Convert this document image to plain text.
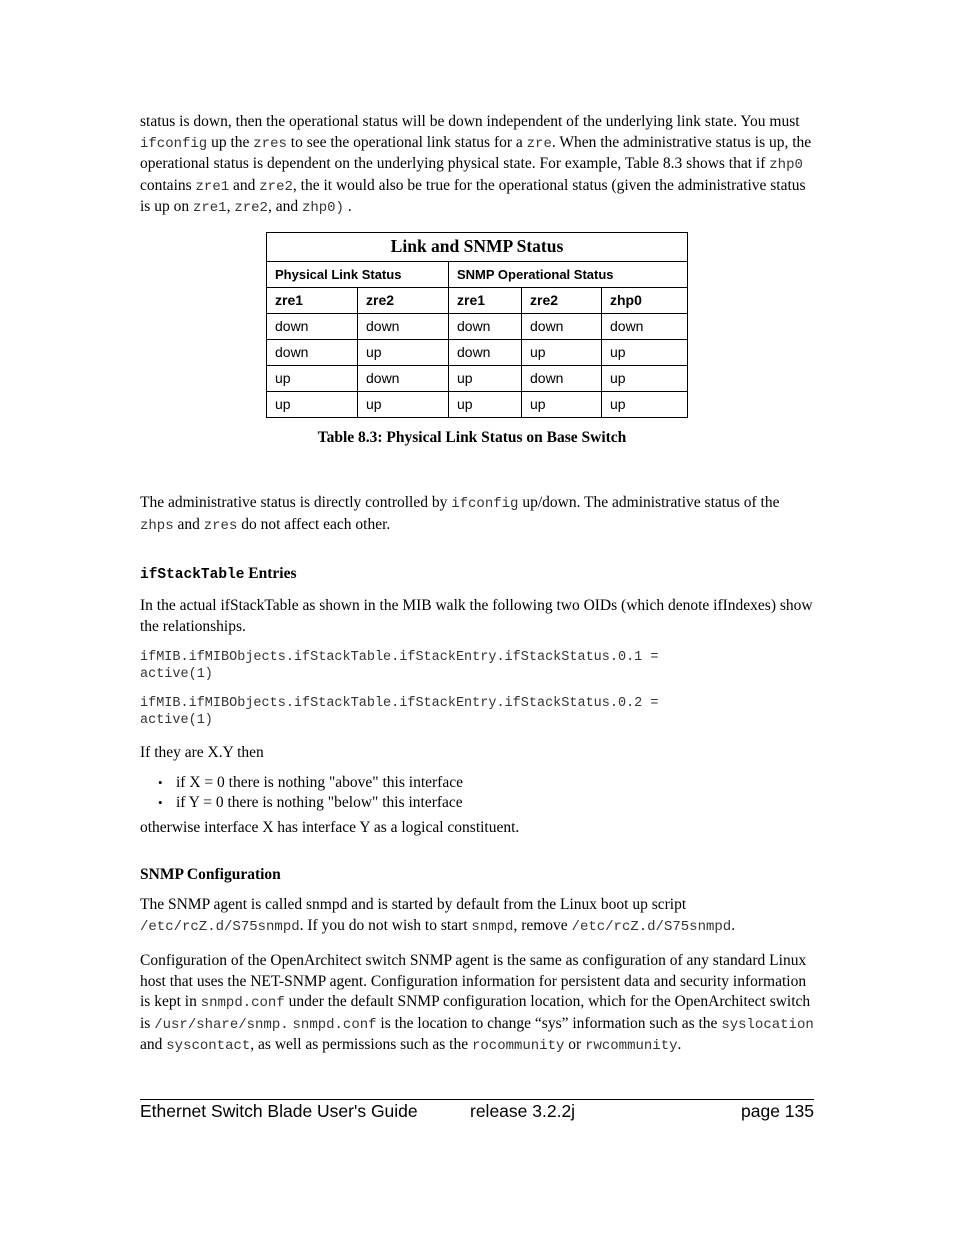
status is down, then the operational status will be down independent of the underlying link state. You must ifconfig up the zres to see the operational link status for a zre. When the administrative status is up, the operational status is dependent on the underlying physical state. For example, Table 8.3 shows that if zhp0 contains zre1 and zre2, the it would also be true for the operational status (given the administrative status is up on zre1, zre2, and zhp0) .

Link and SNMP Status				
Physical Link Status		SNMP Operational Status		
zre1	zre2	zre1	zre2	zhp0
down	down	down	down	down
down	up	down	up	up
up	down	up	down	up
up	up	up	up	up

Table 8.3: Physical Link Status on Base Switch

The administrative status is directly controlled by ifconfig up/down. The administrative status of the zhps and zres do not affect each other.

ifStackTable Entries

In the actual ifStackTable as shown in the MIB walk the following two OIDs (which denote ifIndexes) show the relationships.

ifMIB.ifMIBObjects.ifStackTable.ifStackEntry.ifStackStatus.0.1 =
active(1)
ifMIB.ifMIBObjects.ifStackTable.ifStackEntry.ifStackStatus.0.2 =
active(1)

If they are X.Y then

• if X = 0 there is nothing "above" this interface
• if Y = 0 there is nothing "below" this interface

otherwise interface X has interface Y as a logical constituent.

SNMP Configuration

The SNMP agent is called snmpd and is started by default from the Linux boot up script /etc/rcZ.d/S75snmpd. If you do not wish to start snmpd, remove /etc/rcZ.d/S75snmpd.

Configuration of the OpenArchitect switch SNMP agent is the same as configuration of any standard Linux host that uses the NET-SNMP agent. Configuration information for persistent data and security information is kept in snmpd.conf under the default SNMP configuration location, which for the OpenArchitect switch is /usr/share/snmp. snmpd.conf is the location to change “sys” information such as the syslocation and syscontact, as well as permissions such as the rocommunity or rwcommunity.

Ethernet Switch Blade User's Guide	release 3.2.2j	page 135
